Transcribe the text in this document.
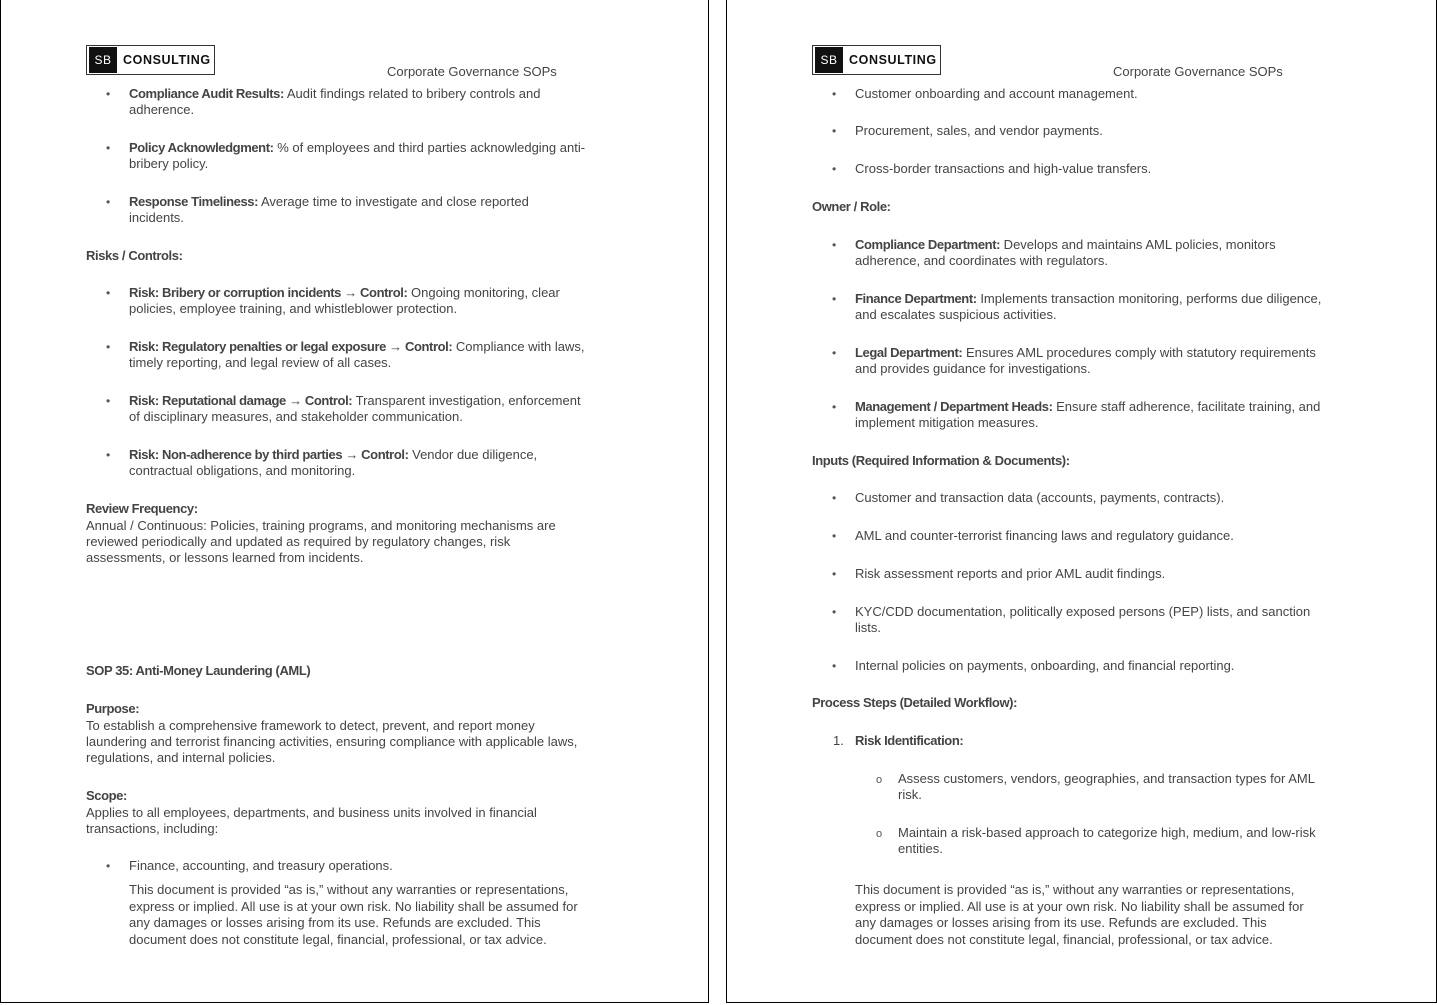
SB CONSULTING
Corporate Governance SOPs
• Compliance Audit Results: Audit findings related to bribery controls and adherence.
• Policy Acknowledgment: % of employees and third parties acknowledging anti-bribery policy.
• Response Timeliness: Average time to investigate and close reported incidents.

Risks / Controls:

• Risk: Bribery or corruption incidents → Control: Ongoing monitoring, clear policies, employee training, and whistleblower protection.
• Risk: Regulatory penalties or legal exposure → Control: Compliance with laws, timely reporting, and legal review of all cases.
• Risk: Reputational damage → Control: Transparent investigation, enforcement of disciplinary measures, and stakeholder communication.
• Risk: Non-adherence by third parties → Control: Vendor due diligence, contractual obligations, and monitoring.

Review Frequency:

Annual / Continuous: Policies, training programs, and monitoring mechanisms are reviewed periodically and updated as required by regulatory changes, risk assessments, or lessons learned from incidents.

SOP 35: Anti-Money Laundering (AML)

Purpose:

To establish a comprehensive framework to detect, prevent, and report money laundering and terrorist financing activities, ensuring compliance with applicable laws, regulations, and internal policies.

Scope:

Applies to all employees, departments, and business units involved in financial transactions, including:

• Finance, accounting, and treasury operations.

This document is provided “as is,” without any warranties or representations, express or implied. All use is at your own risk. No liability shall be assumed for any damages or losses arising from its use. Refunds are excluded. This document does not constitute legal, financial, professional, or tax advice.

SB CONSULTING
Corporate Governance SOPs
• Customer onboarding and account management.
• Procurement, sales, and vendor payments.
• Cross-border transactions and high-value transfers.

Owner / Role:

• Compliance Department: Develops and maintains AML policies, monitors adherence, and coordinates with regulators.
• Finance Department: Implements transaction monitoring, performs due diligence, and escalates suspicious activities.
• Legal Department: Ensures AML procedures comply with statutory requirements and provides guidance for investigations.
• Management / Department Heads: Ensure staff adherence, facilitate training, and implement mitigation measures.

Inputs (Required Information & Documents):

• Customer and transaction data (accounts, payments, contracts).
• AML and counter-terrorist financing laws and regulatory guidance.
• Risk assessment reports and prior AML audit findings.
• KYC/CDD documentation, politically exposed persons (PEP) lists, and sanction lists.
• Internal policies on payments, onboarding, and financial reporting.

Process Steps (Detailed Workflow):

1. Risk Identification:
o Assess customers, vendors, geographies, and transaction types for AML risk.
o Maintain a risk-based approach to categorize high, medium, and low-risk entities.

This document is provided “as is,” without any warranties or representations, express or implied. All use is at your own risk. No liability shall be assumed for any damages or losses arising from its use. Refunds are excluded. This document does not constitute legal, financial, professional, or tax advice.
